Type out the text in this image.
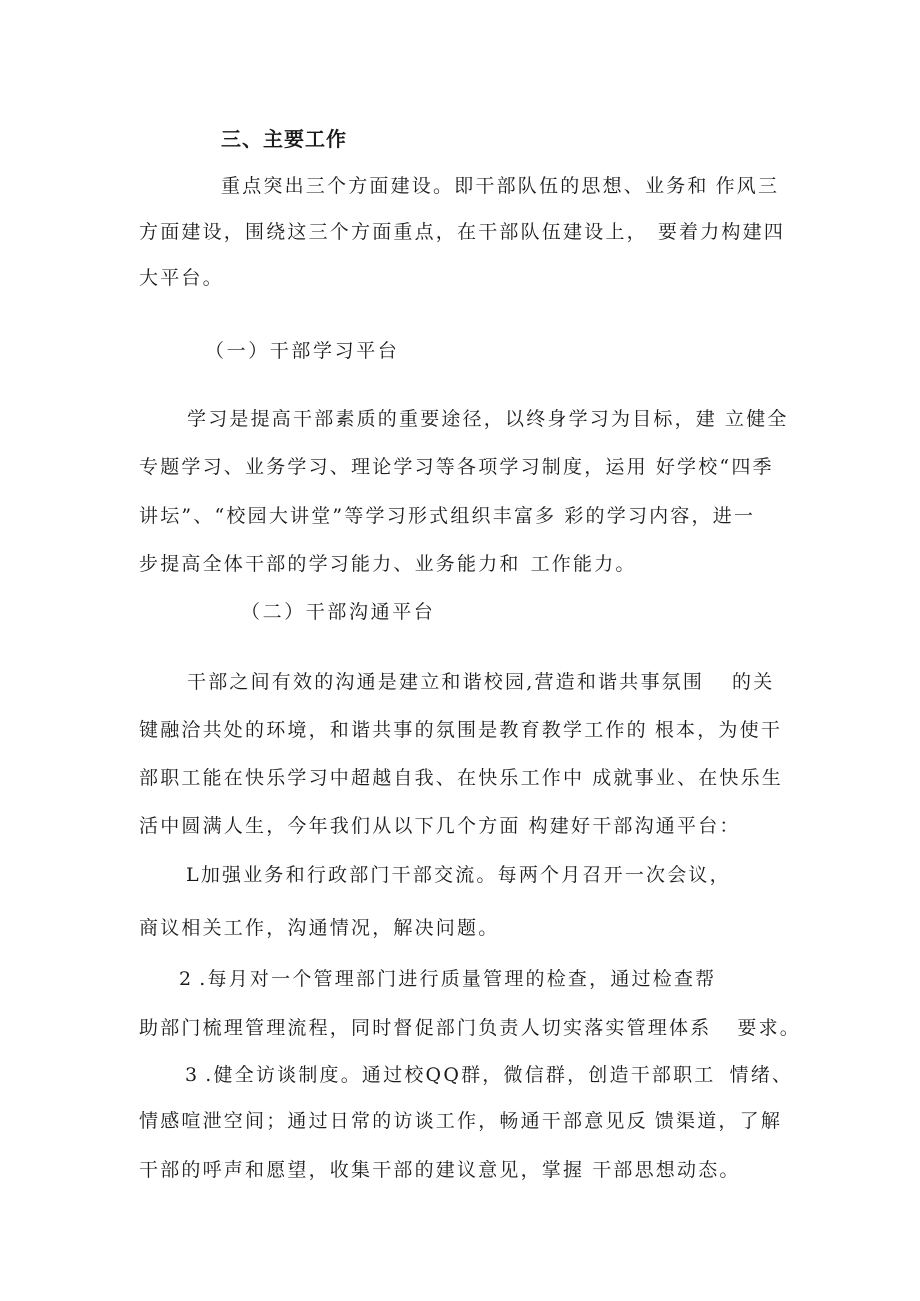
三、主要工作
重点突出三个方面建设。即干部队伍的思想、业务和 作风三
方面建设，围绕这三个方面重点，在干部队伍建设上， 要着力构建四
大平台。
（一）干部学习平台
学习是提高干部素质的重要途径，以终身学习为目标，建 立健全
专题学习、业务学习、理论学习等各项学习制度，运用 好学校“四季
讲坛”、“校园大讲堂”等学习形式组织丰富多 彩的学习内容，进一
步提高全体干部的学习能力、业务能力和 工作能力。
（二）干部沟通平台
干部之间有效的沟通是建立和谐校园,营造和谐共事氛围 的关
键融洽共处的环境，和谐共事的氛围是教育教学工作的 根本，为使干
部职工能在快乐学习中超越自我、在快乐工作中 成就事业、在快乐生
活中圆满人生，今年我们从以下几个方面 构建好干部沟通平台：
L加强业务和行政部门干部交流。每两个月召开一次会议，
商议相关工作，沟通情况，解决问题。
2 .每月对一个管理部门进行质量管理的检查，通过检查帮
助部门梳理管理流程，同时督促部门负责人切实落实管理体系 要求。
3 .健全访谈制度。通过校QQ群，微信群，创造干部职工 情绪、
情感喧泄空间；通过日常的访谈工作，畅通干部意见反 馈渠道，了解
干部的呼声和愿望，收集干部的建议意见，掌握 干部思想动态。
